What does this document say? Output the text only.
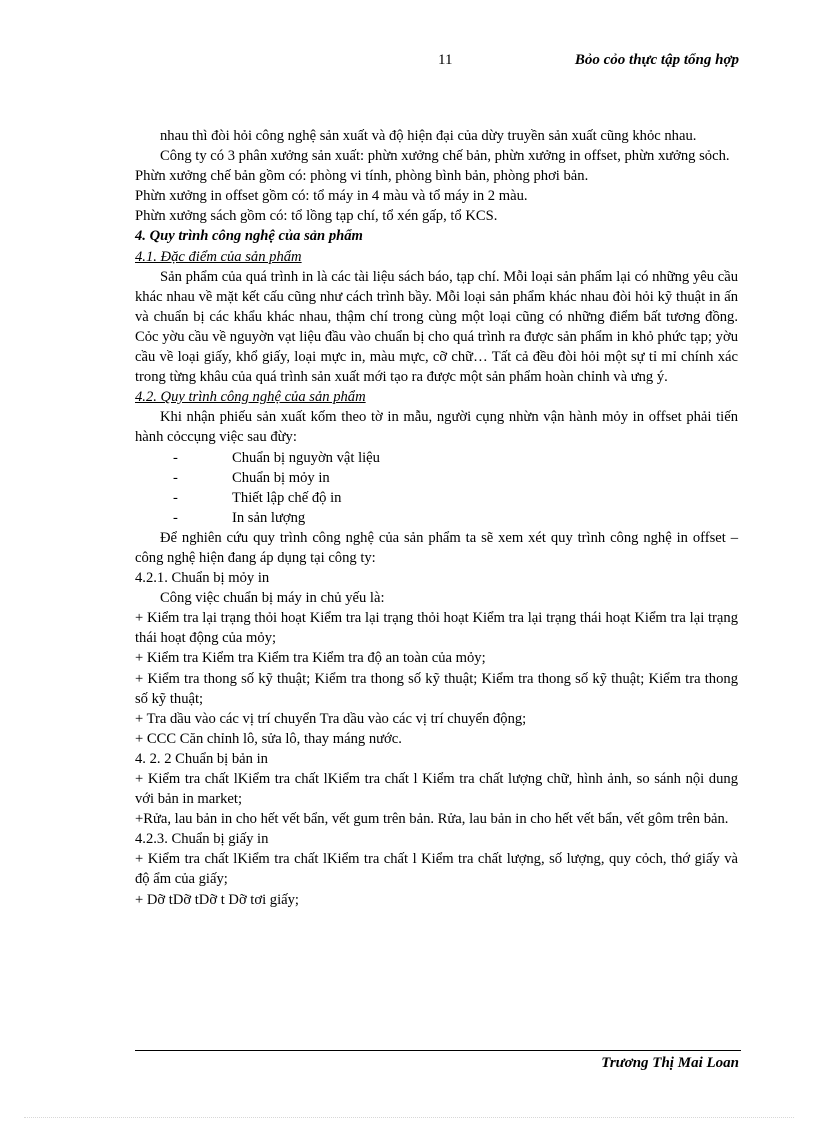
11	Bỏo cỏo thực tập tổng hợp

nhau thì đòi hỏi công nghệ sản xuất và độ hiện đại của dừy truyền sản xuất cũng khỏc nhau.

Công ty có 3 phân xưởng sản xuất: phừn xưởng chế bản, phừn xưởng in offset, phừn xưởng sỏch.

Phừn xưởng chế bản gồm có: phòng vi tính, phòng bình bản, phòng phơi bản.

Phừn xưởng in offset gồm có: tổ máy in 4 màu và tổ máy in 2 màu.

Phừn xưởng sách gồm có: tổ lồng tạp chí, tổ xén gấp, tổ KCS.

4. Quy trình công nghệ của sản phẩm

4.1. Đặc điểm của sản phẩm

Sản phẩm của quá trình in là các tài liệu sách báo, tạp chí. Mỗi loại sản phẩm lại có những yêu cầu khác nhau về mặt kết cấu cũng như cách trình bầy. Mỗi loại sản phẩm khác nhau đòi hỏi kỹ thuật in ấn và chuẩn bị các khẩu khác nhau, thậm chí trong cùng một loại cũng có những điểm bất tương đồng. Cỏc yờu cầu về nguyờn vạt liệu đầu vào chuẩn bị cho quá trình ra được sản phẩm in khỏ phức tạp; yờu cầu về loại giấy, khổ giấy, loại mực in, màu mực, cỡ chữ… Tất cả đều đòi hỏi một sự tỉ mỉ chính xác trong từng khâu của quá trình sản xuất mới tạo ra được một sản phẩm hoàn chỉnh và ưng ý.

4.2. Quy trình công nghệ của sản phẩm

Khi nhận phiếu sản xuất kốm theo tờ in mẫu, người cụng nhừn vận hành mỏy in offset phải tiến hành cỏccụng việc sau đừy:

-	Chuẩn bị nguyờn vật liệu

-	Chuẩn bị mỏy in

-	Thiết lập chế độ in

-	In sản lượng

Để nghiên cứu quy trình công nghệ của sản phẩm ta sẽ xem xét quy trình công nghệ in offset – công nghệ hiện đang áp dụng tại công ty:

4.2.1. Chuẩn bị mỏy in

Công việc chuẩn bị máy in chủ yếu là:

+ Kiểm tra lại trạng thỏi hoạt Kiểm tra lại trạng thỏi hoạt Kiểm tra lại trạng thái hoạt Kiểm tra lại trạng thái hoạt động của mỏy;

+ Kiểm tra Kiểm tra Kiểm tra Kiểm tra độ an toàn của mỏy;

+ Kiểm tra thong số kỹ thuật; Kiểm tra thong số kỹ thuật; Kiểm tra thong số kỹ thuật; Kiểm tra thong số kỹ thuật;

+ Tra dầu vào các vị trí chuyển Tra dầu vào các vị trí chuyển động;

+ CCC Căn chỉnh lô, sửa lô, thay máng nước.

4. 2. 2 Chuẩn bị bản in

+ Kiểm tra chất lKiểm tra chất lKiểm tra chất l Kiểm tra chất lượng chữ, hình ảnh, so sánh nội dung với bản in market;

+Rửa, lau bản in cho hết vết bẩn, vết gum trên bản. Rửa, lau bản in cho hết vết bẩn, vết gôm trên bản.

4.2.3. Chuẩn bị giấy in

+ Kiểm tra chất lKiểm tra chất lKiểm tra chất l Kiểm tra chất lượng, số lượng, quy cỏch, thớ giấy và độ ẩm của giấy;

+ Dỡ tDỡ tDỡ t Dỡ tơi giấy;

Trương Thị Mai Loan
